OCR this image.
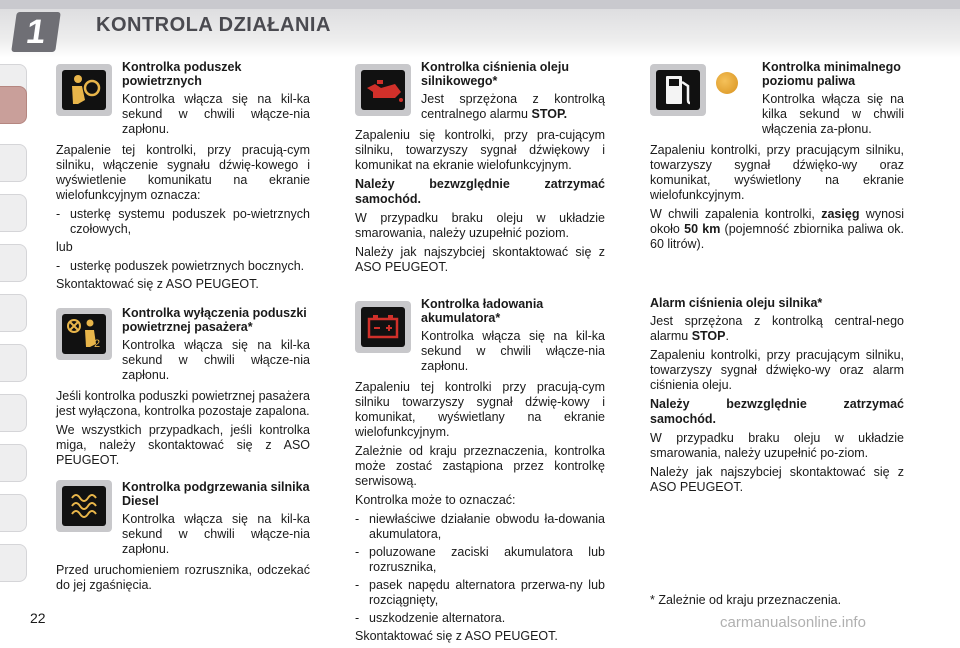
1	KONTROLA DZIAŁANIA
Kontrolka poduszek powietrznych
Kontrolka włącza się na kil-ka sekund w chwili włącze-nia zapłonu.

Zapalenie tej kontrolki, przy pracują-cym silniku, włączenie sygnału dźwię-kowego i wyświetlenie komunikatu na ekranie wielofunkcyjnym oznacza:

- usterkę systemu poduszek po-wietrznych czołowych,

lub

- usterkę poduszek powietrznych bocznych.

Skontaktować się z ASO PEUGEOT.

2
Kontrolka wyłączenia poduszki powietrznej pasażera*
Kontrolka włącza się na kil-ka sekund w chwili włącze-nia zapłonu.

Jeśli kontrolka poduszki powietrznej pasażera jest wyłączona, kontrolka pozostaje zapalona.

We wszystkich przypadkach, jeśli kontrolka miga, należy skontaktować się z ASO PEUGEOT.

Kontrolka podgrzewania silnika Diesel
Kontrolka włącza się na kil-ka sekund w chwili włącze-nia zapłonu.

Przed uruchomieniem rozrusznika, odczekać do jej zgaśnięcia.

Kontrolka ciśnienia oleju silnikowego*
Jest sprzężona z kontrolką centralnego alarmu STOP.

Zapaleniu się kontrolki, przy pra-cującym silniku, towarzyszy sygnał dźwiękowy i komunikat na ekranie wielofunkcyjnym.

Należy bezwzględnie zatrzymać samochód.

W przypadku braku oleju w układzie smarowania, należy uzupełnić poziom.

Należy jak najszybciej skontaktować się z ASO PEUGEOT.

Kontrolka ładowania akumulatora*
Kontrolka włącza się na kil-ka sekund w chwili włącze-nia zapłonu.

Zapaleniu tej kontrolki przy pracują-cym silniku towarzyszy sygnał dźwię-kowy i komunikat, wyświetlany na ekranie wielofunkcyjnym.

Zależnie od kraju przeznaczenia, kontrolka może zostać zastąpiona przez kontrolkę serwisową.

Kontrolka może to oznaczać:

- niewłaściwe działanie obwodu ła-dowania akumulatora,
- poluzowane zaciski akumulatora lub rozrusznika,
- pasek napędu alternatora przerwa-ny lub rozciągnięty,
- uszkodzenie alternatora.

Skontaktować się z ASO PEUGEOT.

Kontrolka minimalnego poziomu paliwa
Kontrolka włącza się na kilka sekund w chwili włączenia za-płonu.

Zapaleniu kontrolki, przy pracującym silniku, towarzyszy sygnał dźwięko-wy oraz komunikat, wyświetlony na ekranie wielofunkcyjnym.

W chwili zapalenia kontrolki, zasięg wynosi około 50 km (pojemność zbiornika paliwa ok. 60 litrów).

Alarm ciśnienia oleju silnika*

Jest sprzężona z kontrolką central-nego alarmu STOP.

Zapaleniu kontrolki, przy pracującym silniku, towarzyszy sygnał dźwięko-wy oraz alarm ciśnienia oleju.

Należy bezwzględnie zatrzymać samochód.

W przypadku braku oleju w układzie smarowania, należy uzupełnić po-ziom.

Należy jak najszybciej skontaktować się z ASO PEUGEOT.

* Zależnie od kraju przeznaczenia.
22	carmanualsonline.info
